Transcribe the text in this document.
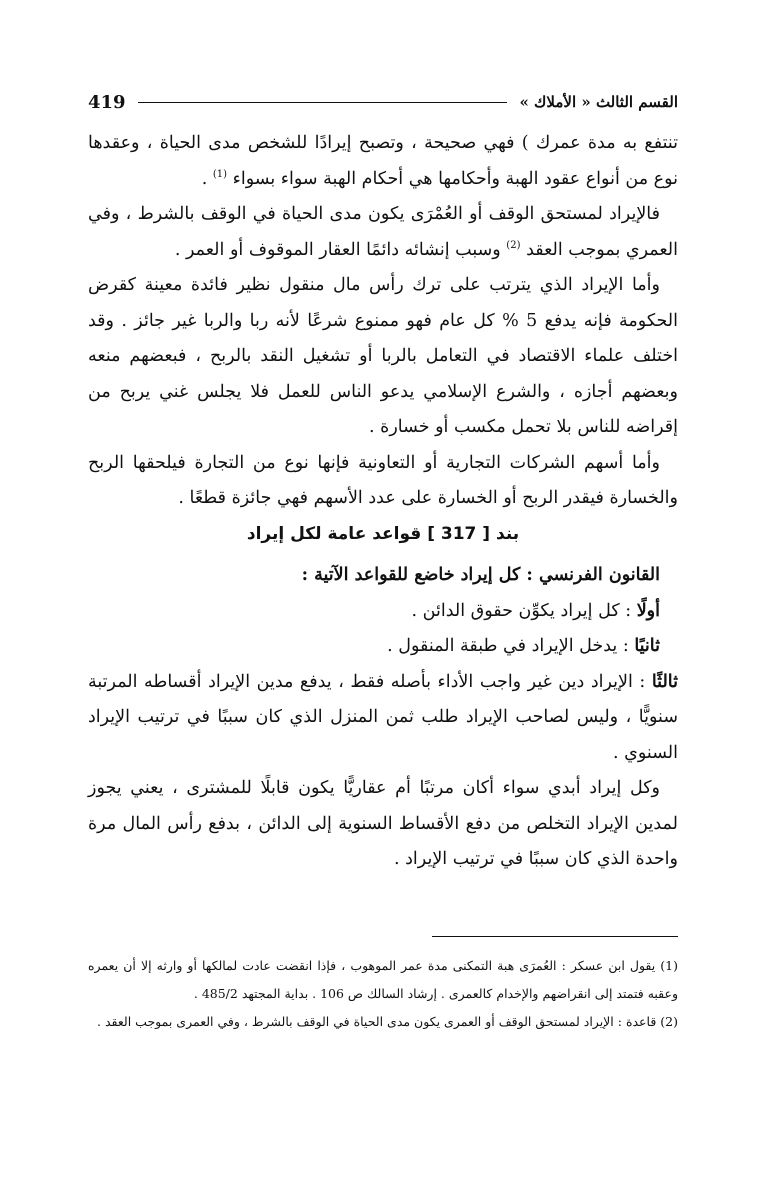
419	القسم الثالث « الأملاك »

تنتفع به مدة عمرك ) فهي صحيحة ، وتصبح إيرادًا للشخص مدى الحياة ، وعقدها نوع من أنواع عقود الهبة وأحكامها هي أحكام الهبة سواء بسواء $^{(1)}$ .

فالإيراد لمستحق الوقف أو العُمْرَى يكون مدى الحياة في الوقف بالشرط ، وفي العمري بموجب العقد $^{(2)}$ وسبب إنشائه دائمًا العقار الموقوف أو العمر .

وأما الإيراد الذي يترتب على ترك رأس مال منقول نظير فائدة معينة كقرض الحكومة فإنه يدفع 5 % كل عام فهو ممنوع شرعًا لأنه ربا والربا غير جائز . وقد اختلف علماء الاقتصاد في التعامل بالربا أو تشغيل النقد بالربح ، فبعضهم منعه وبعضهم أجازه ، والشرع الإسلامي يدعو الناس للعمل فلا يجلس غني يربح من إقراضه للناس بلا تحمل مكسب أو خسارة .

وأما أسهم الشركات التجارية أو التعاونية فإنها نوع من التجارة فيلحقها الربح والخسارة فيقدر الربح أو الخسارة على عدد الأسهم فهي جائزة قطعًا .

بند [ 317 ] قواعد عامة لكل إيراد

القانون الفرنسي : كل إيراد خاضع للقواعد الآتية :

أولًا : كل إيراد يكوِّن حقوق الدائن .

ثانيًا : يدخل الإيراد في طبقة المنقول .

ثالثًا : الإيراد دين غير واجب الأداء بأصله فقط ، يدفع مدين الإيراد أقساطه المرتبة سنويًّا ، وليس لصاحب الإيراد طلب ثمن المنزل الذي كان سببًا في ترتيب الإيراد السنوي .

وكل إيراد أبدي سواء أكان مرتبًا أم عقاريًّا يكون قابلًا للمشترى ، يعني يجوز لمدين الإيراد التخلص من دفع الأقساط السنوية إلى الدائن ، بدفع رأس المال مرة واحدة الذي كان سببًا في ترتيب الإيراد .

(1) يقول ابن عسكر : العُمرَى هبة التمكنى مدة عمر الموهوب ، فإذا انقضت عادت لمالكها أو وارثه إلا أن يعمره وعقبه فتمتد إلى انقراضهم والإخدام كالعمرى . إرشاد السالك ص 106 . بداية المجتهد 485/2 .

(2) قاعدة : الإيراد لمستحق الوقف أو العمرى يكون مدى الحياة في الوقف بالشرط ، وفي العمرى بموجب العقد .
